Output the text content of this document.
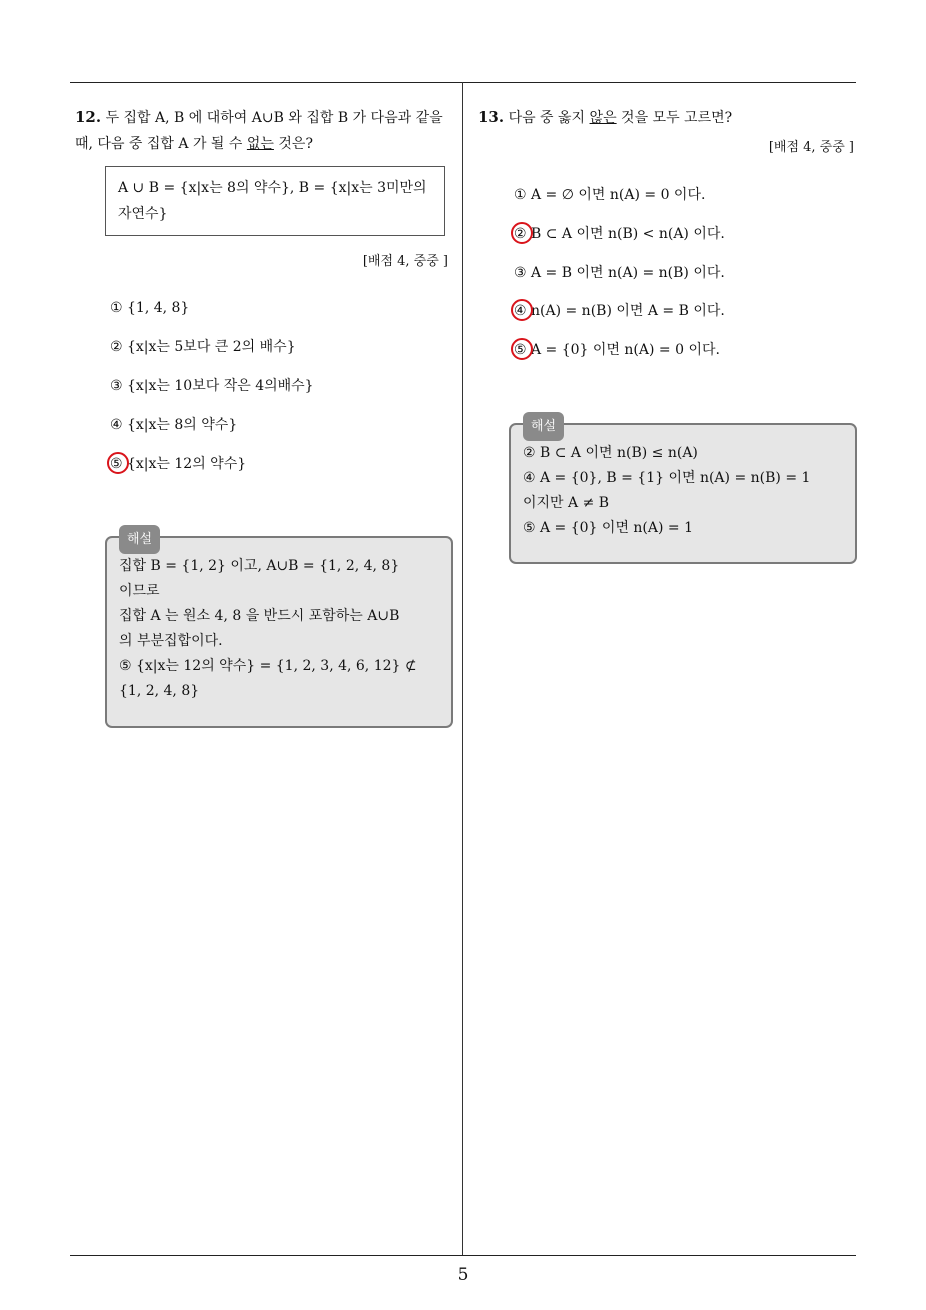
5
12. 두 집합 A, B 에 대하여 A∪B 와 집합 B 가 다음과 같을 때, 다음 중 집합 A 가 될 수 없는 것은?
A ∪ B = {x|x는 8의 약수}, B = {x|x는 3미만의 자연수}
[배점 4, 중중 ]
① {1, 4, 8}
② {x|x는 5보다 큰 2의 배수}
③ {x|x는 10보다 작은 4의배수}
④ {x|x는 8의 약수}
⑤ {x|x는 12의 약수}
해설
집합 B = {1, 2} 이고, A∪B = {1, 2, 4, 8}
이므로
집합 A 는 원소 4, 8 을 반드시 포함하는 A∪B
의 부분집합이다.
⑤ {x|x는 12의 약수} = {1, 2, 3, 4, 6, 12} ⊄
{1, 2, 4, 8}
13. 다음 중 옳지 않은 것을 모두 고르면?
[배점 4, 중중 ]
① A = ∅ 이면 n(A) = 0 이다.
② B ⊂ A 이면 n(B) < n(A) 이다.
③ A = B 이면 n(A) = n(B) 이다.
④ n(A) = n(B) 이면 A = B 이다.
⑤ A = {0} 이면 n(A) = 0 이다.
해설
② B ⊂ A 이면 n(B) ≤ n(A)
④ A = {0}, B = {1} 이면 n(A) = n(B) = 1
이지만 A ≠ B
⑤ A = {0} 이면 n(A) = 1
